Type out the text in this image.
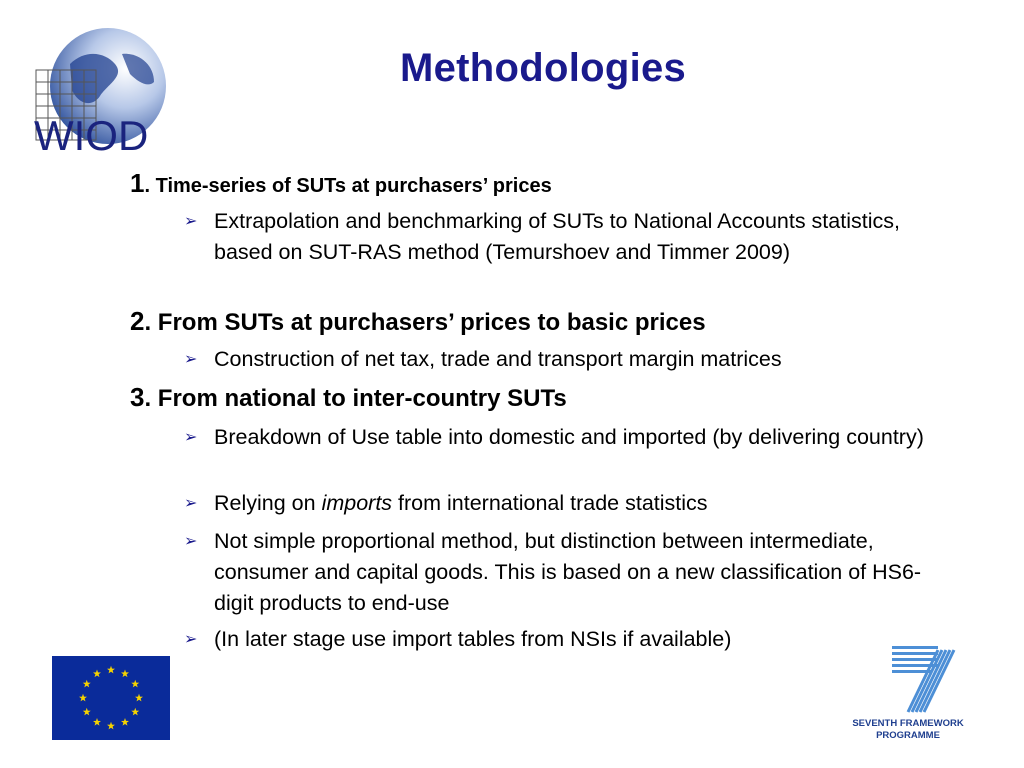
WIOD
Methodologies
1. Time-series of SUTs at purchasers’ prices
➢ Extrapolation and benchmarking of SUTs to National Accounts statistics, based on SUT-RAS method (Temurshoev and Timmer 2009)
2. From SUTs at purchasers’ prices to basic prices
➢ Construction of net tax, trade and transport margin matrices
3. From national to inter-country SUTs
➢ Breakdown of Use table into domestic and imported (by delivering country)
➢ Relying on imports from international trade statistics
➢ Not simple proportional method, but distinction between intermediate, consumer and capital goods. This is based on a new classification of HS6-digit products to end-use
➢ (In later stage use import tables from NSIs if available)
SEVENTH FRAMEWORK
PROGRAMME
